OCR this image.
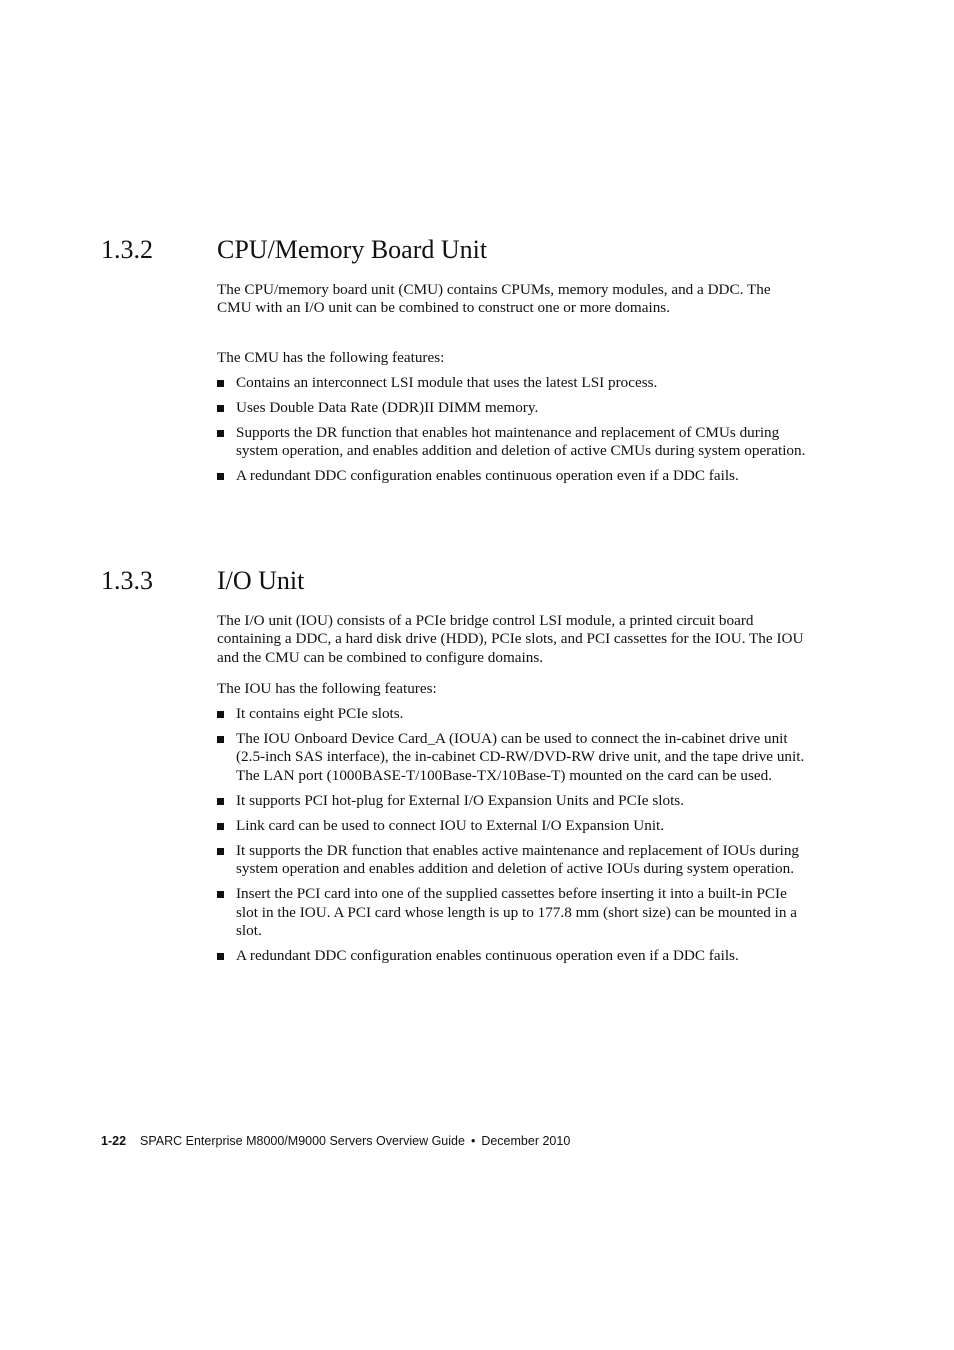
1.3.2 CPU/Memory Board Unit

The CPU/memory board unit (CMU) contains CPUMs, memory modules, and a DDC. The CMU with an I/O unit can be combined to construct one or more domains.

The CMU has the following features:

Contains an interconnect LSI module that uses the latest LSI process.
Uses Double Data Rate (DDR)II DIMM memory.
Supports the DR function that enables hot maintenance and replacement of CMUs during system operation, and enables addition and deletion of active CMUs during system operation.
A redundant DDC configuration enables continuous operation even if a DDC fails.
1.3.3 I/O Unit

The I/O unit (IOU) consists of a PCIe bridge control LSI module, a printed circuit board containing a DDC, a hard disk drive (HDD), PCIe slots, and PCI cassettes for the IOU. The IOU and the CMU can be combined to configure domains.

The IOU has the following features:

It contains eight PCIe slots.
The IOU Onboard Device Card_A (IOUA) can be used to connect the in-cabinet drive unit (2.5-inch SAS interface), the in-cabinet CD-RW/DVD-RW drive unit, and the tape drive unit. The LAN port (1000BASE-T/100Base-TX/10Base-T) mounted on the card can be used.
It supports PCI hot-plug for External I/O Expansion Units and PCIe slots.
Link card can be used to connect IOU to External I/O Expansion Unit.
It supports the DR function that enables active maintenance and replacement of IOUs during system operation and enables addition and deletion of active IOUs during system operation.
Insert the PCI card into one of the supplied cassettes before inserting it into a built-in PCIe slot in the IOU. A PCI card whose length is up to 177.8 mm (short size) can be mounted in a slot.
A redundant DDC configuration enables continuous operation even if a DDC fails.
1-22 SPARC Enterprise M8000/M9000 Servers Overview Guide • December 2010
